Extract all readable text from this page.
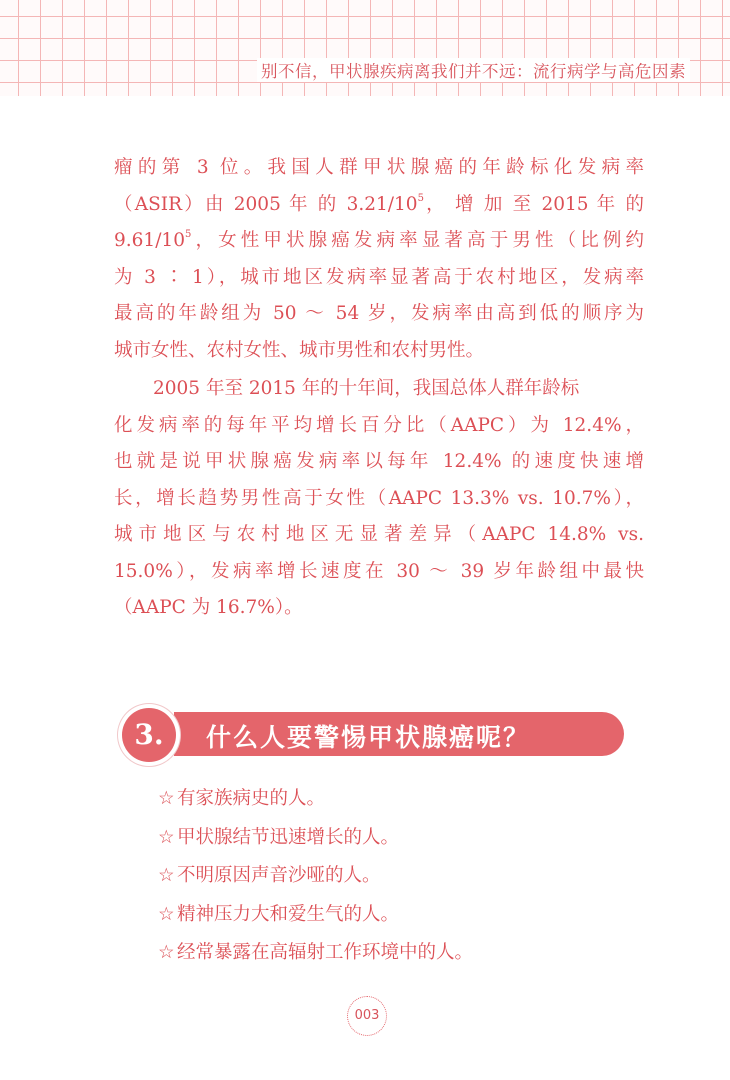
别不信，甲状腺疾病离我们并不远：流行病学与高危因素

瘤的第 3 位。我国人群甲状腺癌的年龄标化发病率

（ASIR）由 2005 年 的 $3.21/10^5$， 增 加 至 2015 年 的

$9.61/10^5$，女性甲状腺癌发病率显著高于男性（比例约

为 3 ∶ 1），城市地区发病率显著高于农村地区，发病率

最高的年龄组为 50 ～ 54 岁，发病率由高到低的顺序为

城市女性、农村女性、城市男性和农村男性。

2005 年至 2015 年的十年间，我国总体人群年龄标

化发病率的每年平均增长百分比（AAPC）为 12.4%，

也就是说甲状腺癌发病率以每年 12.4% 的速度快速增

长，增长趋势男性高于女性（AAPC 13.3% vs. 10.7%），

城市地区与农村地区无显著差异（AAPC 14.8% vs.

15.0%），发病率增长速度在 30 ～ 39 岁年龄组中最快

（AAPC 为 16.7%）。

3.	什么人要警惕甲状腺癌呢？
☆ 有家族病史的人。
☆ 甲状腺结节迅速增长的人。
☆ 不明原因声音沙哑的人。
☆ 精神压力大和爱生气的人。
☆ 经常暴露在高辐射工作环境中的人。
003
